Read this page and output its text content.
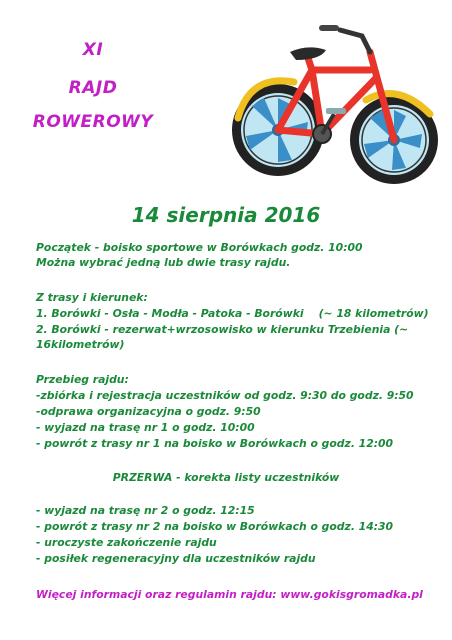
XI
RAJD
ROWEROWY
14 sierpnia 2016
Początek - boisko sportowe w Borówkach godz. 10:00
Można wybrać jedną lub dwie trasy rajdu.
Z trasy i kierunek:
1. Borówki - Osła - Modła - Patoka - Borówki    (~ 18 kilometrów)
2. Borówki - rezerwat+wrzosowisko w kierunku Trzebienia (~ 16kilometrów)
Przebieg rajdu:
-zbiórka i rejestracja uczestników od godz. 9:30 do godz. 9:50
-odprawa organizacyjna o godz. 9:50
- wyjazd na trasę nr 1 o godz. 10:00
- powrót z trasy nr 1 na boisko w Borówkach o godz. 12:00
PRZERWA - korekta listy uczestników
- wyjazd na trasę nr 2 o godz. 12:15
- powrót z trasy nr 2 na boisko w Borówkach o godz. 14:30
- uroczyste zakończenie rajdu
- posiłek regeneracyjny dla uczestników rajdu
Więcej informacji oraz regulamin rajdu: www.gokisgromadka.pl
